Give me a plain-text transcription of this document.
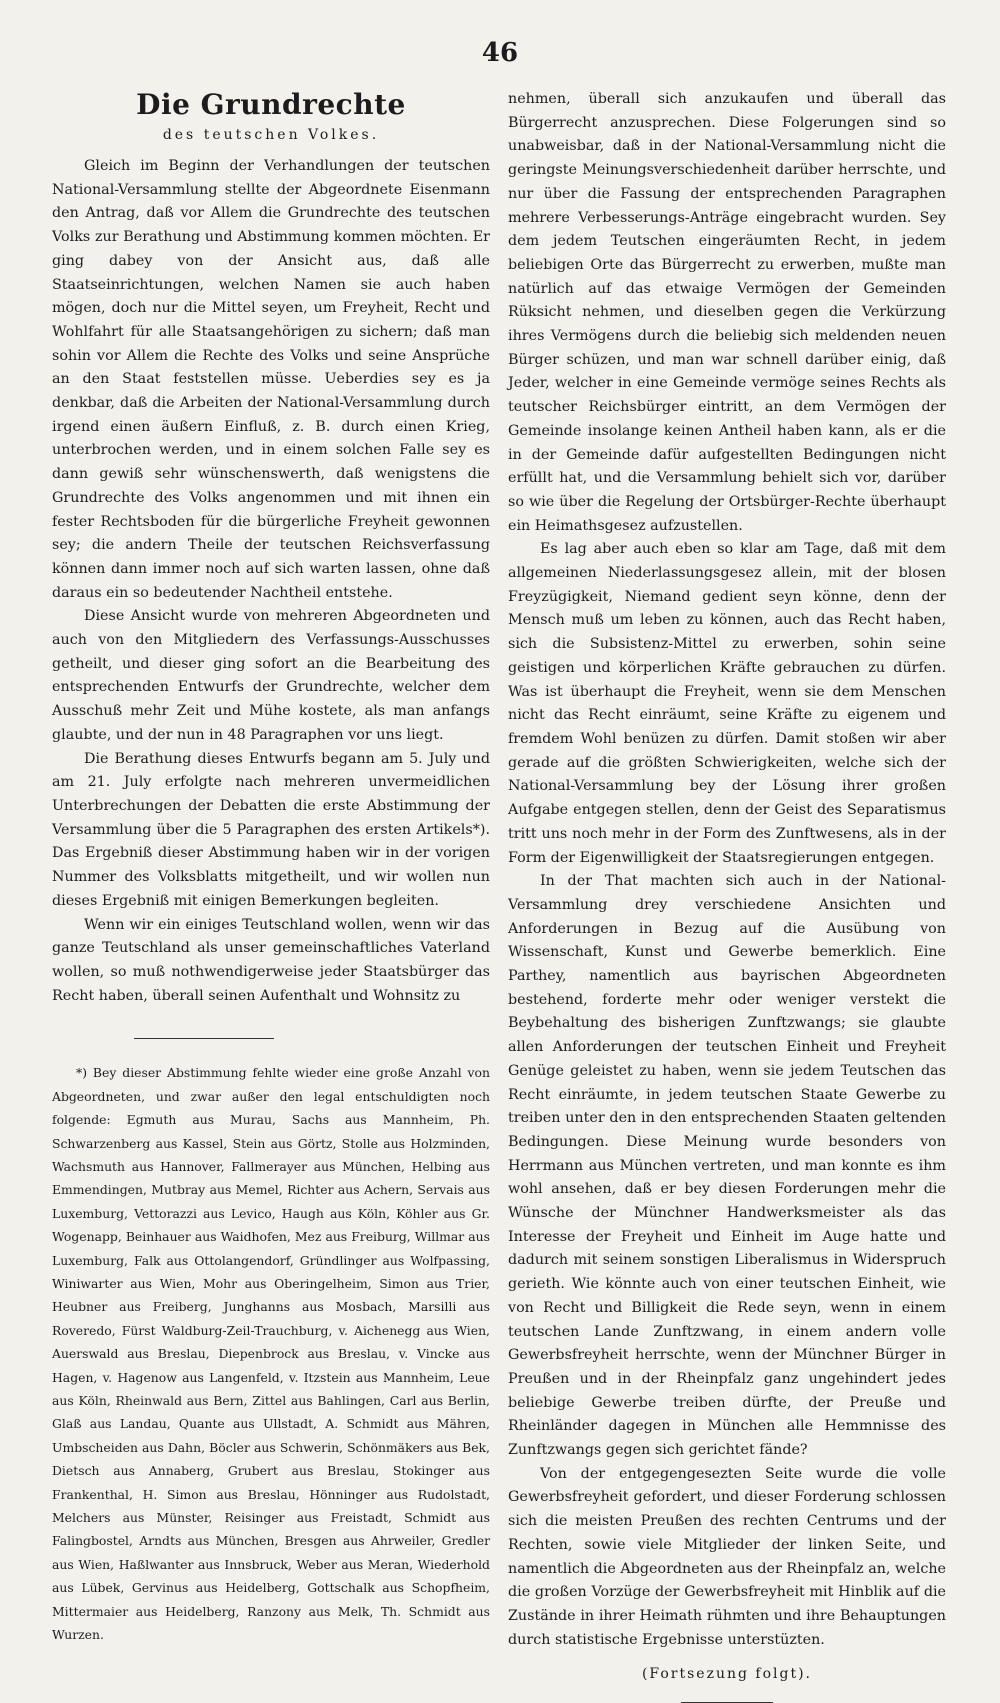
46
Die Grundrechte
des teutschen Volkes.

Gleich im Beginn der Verhandlungen der teutschen National-Versammlung stellte der Abgeordnete Eisenmann den Antrag, daß vor Allem die Grundrechte des teutschen Volks zur Berathung und Abstimmung kommen möchten. Er ging dabey von der Ansicht aus, daß alle Staatseinrichtungen, welchen Namen sie auch haben mögen, doch nur die Mittel seyen, um Freyheit, Recht und Wohlfahrt für alle Staatsangehörigen zu sichern; daß man sohin vor Allem die Rechte des Volks und seine Ansprüche an den Staat feststellen müsse. Ueberdies sey es ja denkbar, daß die Arbeiten der National-Versammlung durch irgend einen äußern Einfluß, z. B. durch einen Krieg, unterbrochen werden, und in einem solchen Falle sey es dann gewiß sehr wünschenswerth, daß wenigstens die Grundrechte des Volks angenommen und mit ihnen ein fester Rechtsboden für die bürgerliche Freyheit gewonnen sey; die andern Theile der teutschen Reichsverfassung können dann immer noch auf sich warten lassen, ohne daß daraus ein so bedeutender Nachtheil entstehe.

Diese Ansicht wurde von mehreren Abgeordneten und auch von den Mitgliedern des Verfassungs-Ausschusses getheilt, und dieser ging sofort an die Bearbeitung des entsprechenden Entwurfs der Grundrechte, welcher dem Ausschuß mehr Zeit und Mühe kostete, als man anfangs glaubte, und der nun in 48 Paragraphen vor uns liegt.

Die Berathung dieses Entwurfs begann am 5. July und am 21. July erfolgte nach mehreren unvermeidlichen Unterbrechungen der Debatten die erste Abstimmung der Versammlung über die 5 Paragraphen des ersten Artikels*). Das Ergebniß dieser Abstimmung haben wir in der vorigen Nummer des Volksblatts mitgetheilt, und wir wollen nun dieses Ergebniß mit einigen Bemerkungen begleiten.

Wenn wir ein einiges Teutschland wollen, wenn wir das ganze Teutschland als unser gemeinschaftliches Vaterland wollen, so muß nothwendigerweise jeder Staatsbürger das Recht haben, überall seinen Aufenthalt und Wohnsitz zu

*) Bey dieser Abstimmung fehlte wieder eine große Anzahl von Abgeordneten, und zwar außer den legal entschuldigten noch folgende: Egmuth aus Murau, Sachs aus Mannheim, Ph. Schwarzenberg aus Kassel, Stein aus Görtz, Stolle aus Holzminden, Wachsmuth aus Hannover, Fallmerayer aus München, Helbing aus Emmendingen, Mutbray aus Memel, Richter aus Achern, Servais aus Luxemburg, Vettorazzi aus Levico, Haugh aus Köln, Köhler aus Gr. Wogenapp, Beinhauer aus Waidhofen, Mez aus Freiburg, Willmar aus Luxemburg, Falk aus Ottolangendorf, Gründlinger aus Wolfpassing, Winiwarter aus Wien, Mohr aus Oberingelheim, Simon aus Trier, Heubner aus Freiberg, Junghanns aus Mosbach, Marsilli aus Roveredo, Fürst Waldburg-Zeil-Trauchburg, v. Aichenegg aus Wien, Auerswald aus Breslau, Diepenbrock aus Breslau, v. Vincke aus Hagen, v. Hagenow aus Langenfeld, v. Itzstein aus Mannheim, Leue aus Köln, Rheinwald aus Bern, Zittel aus Bahlingen, Carl aus Berlin, Glaß aus Landau, Quante aus Ullstadt, A. Schmidt aus Mähren, Umbscheiden aus Dahn, Böcler aus Schwerin, Schönmäkers aus Bek, Dietsch aus Annaberg, Grubert aus Breslau, Stokinger aus Frankenthal, H. Simon aus Breslau, Hönninger aus Rudolstadt, Melchers aus Münster, Reisinger aus Freistadt, Schmidt aus Falingbostel, Arndts aus München, Bresgen aus Ahrweiler, Gredler aus Wien, Haßlwanter aus Innsbruck, Weber aus Meran, Wiederhold aus Lübek, Gervinus aus Heidelberg, Gottschalk aus Schopfheim, Mittermaier aus Heidelberg, Ranzony aus Melk, Th. Schmidt aus Wurzen.

nehmen, überall sich anzukaufen und überall das Bürgerrecht anzusprechen. Diese Folgerungen sind so unabweisbar, daß in der National-Versammlung nicht die geringste Meinungsverschiedenheit darüber herrschte, und nur über die Fassung der entsprechenden Paragraphen mehrere Verbesserungs-Anträge eingebracht wurden. Sey dem jedem Teutschen eingeräumten Recht, in jedem beliebigen Orte das Bürgerrecht zu erwerben, mußte man natürlich auf das etwaige Vermögen der Gemeinden Rüksicht nehmen, und dieselben gegen die Verkürzung ihres Vermögens durch die beliebig sich meldenden neuen Bürger schüzen, und man war schnell darüber einig, daß Jeder, welcher in eine Gemeinde vermöge seines Rechts als teutscher Reichsbürger eintritt, an dem Vermögen der Gemeinde insolange keinen Antheil haben kann, als er die in der Gemeinde dafür aufgestellten Bedingungen nicht erfüllt hat, und die Versammlung behielt sich vor, darüber so wie über die Regelung der Ortsbürger-Rechte überhaupt ein Heimathsgesez aufzustellen.

Es lag aber auch eben so klar am Tage, daß mit dem allgemeinen Niederlassungsgesez allein, mit der blosen Freyzügigkeit, Niemand gedient seyn könne, denn der Mensch muß um leben zu können, auch das Recht haben, sich die Subsistenz-Mittel zu erwerben, sohin seine geistigen und körperlichen Kräfte gebrauchen zu dürfen. Was ist überhaupt die Freyheit, wenn sie dem Menschen nicht das Recht einräumt, seine Kräfte zu eigenem und fremdem Wohl benüzen zu dürfen. Damit stoßen wir aber gerade auf die größten Schwierigkeiten, welche sich der National-Versammlung bey der Lösung ihrer großen Aufgabe entgegen stellen, denn der Geist des Separatismus tritt uns noch mehr in der Form des Zunftwesens, als in der Form der Eigenwilligkeit der Staatsregierungen entgegen.

In der That machten sich auch in der National-Versammlung drey verschiedene Ansichten und Anforderungen in Bezug auf die Ausübung von Wissenschaft, Kunst und Gewerbe bemerklich. Eine Parthey, namentlich aus bayrischen Abgeordneten bestehend, forderte mehr oder weniger verstekt die Beybehaltung des bisherigen Zunftzwangs; sie glaubte allen Anforderungen der teutschen Einheit und Freyheit Genüge geleistet zu haben, wenn sie jedem Teutschen das Recht einräumte, in jedem teutschen Staate Gewerbe zu treiben unter den in den entsprechenden Staaten geltenden Bedingungen. Diese Meinung wurde besonders von Herrmann aus München vertreten, und man konnte es ihm wohl ansehen, daß er bey diesen Forderungen mehr die Wünsche der Münchner Handwerksmeister als das Interesse der Freyheit und Einheit im Auge hatte und dadurch mit seinem sonstigen Liberalismus in Widerspruch gerieth. Wie könnte auch von einer teutschen Einheit, wie von Recht und Billigkeit die Rede seyn, wenn in einem teutschen Lande Zunftzwang, in einem andern volle Gewerbsfreyheit herrschte, wenn der Münchner Bürger in Preußen und in der Rheinpfalz ganz ungehindert jedes beliebige Gewerbe treiben dürfte, der Preuße und Rheinländer dagegen in München alle Hemmnisse des Zunftzwangs gegen sich gerichtet fände?

Von der entgegengesezten Seite wurde die volle Gewerbsfreyheit gefordert, und dieser Forderung schlossen sich die meisten Preußen des rechten Centrums und der Rechten, sowie viele Mitglieder der linken Seite, und namentlich die Abgeordneten aus der Rheinpfalz an, welche die großen Vorzüge der Gewerbsfreyheit mit Hinblik auf die Zustände in ihrer Heimath rühmten und ihre Behauptungen durch statistische Ergebnisse unterstüzten.

(Fortsezung folgt).
